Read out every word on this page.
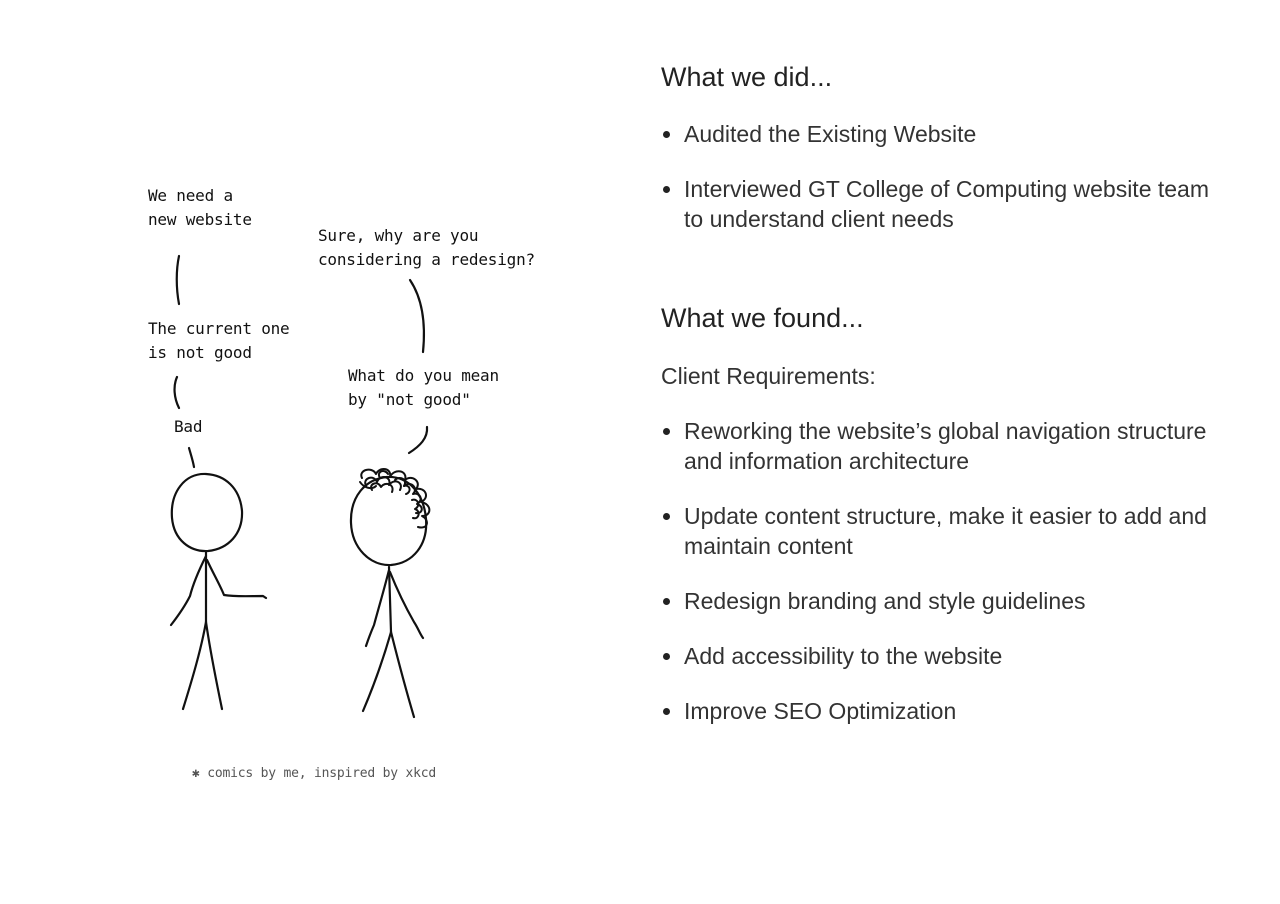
We need a
new website
Sure, why are you
considering a redesign?
The current one
is not good
What do you mean
by "not good"
Bad
✱ comics by me, inspired by xkcd
What we did...
Audited the Existing Website
Interviewed GT College of Computing website team to understand client needs
What we found...
Client Requirements:
Reworking the website’s global navigation structure and information architecture
Update content structure, make it easier to add and maintain content
Redesign branding and style guidelines
Add accessibility to the website
Improve SEO Optimization
